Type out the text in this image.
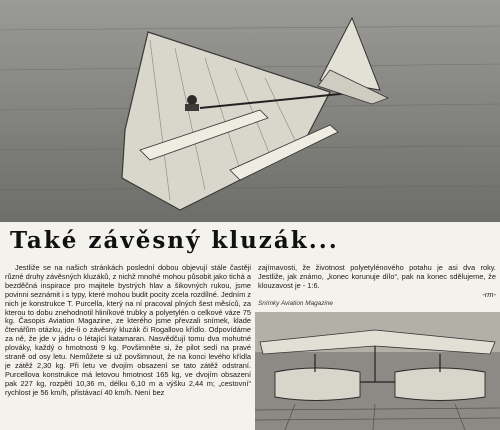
Také závěsný kluzák...

Jestliže se na našich stránkách poslední dobou objevují stále častěji různé druhy závěsných kluzáků, z nichž mnohé mohou působit jako tichá a bezděčná inspirace pro majitele bystrých hlav a šikovných rukou, jsme povinni seznámit i s typy, které mohou budit pocity zcela rozdílné. Jedním z nich je konstrukce T. Purcella, který na ní pracoval plných šest měsíců, za kterou to dobu znehodnotil hliníkové trubky a polyetylén o celkové váze 75 kg. Časopis Aviation Magazine, ze kterého jsme převzali snímek, klade čtenářům otázku, jde-li o závěsný kluzák či Rogallovo křídlo. Odpovídáme za ně, že jde v jádru o létající katamaran. Nasvědčují tomu dva mohutné plováky, každý o hmotnosti 9 kg. Povšimněte si, že pilot sedí na pravé straně od osy letu. Nemůžete si už povšimnout, že na konci levého křídla je zátěž 2,30 kg. Při letu ve dvojím obsazení se tato zátěž odstraní. Purcellova konstrukce má letovou hmotnost 165 kg, ve dvojím obsazení pak 227 kg, rozpětí 10,36 m, délku 6,10 m a výšku 2,44 m; „cestovní“ rychlost je 56 km/h, přistávací 40 km/h. Není bez

zajímavosti, že životnost polyetylénového potahu je asi dva roky. Jestliže, jak známo, „konec korunuje dílo“, pak na konec sdělujeme, že klouzavost je - 1:6.

-rm-
Snímky Aviation Magazine
